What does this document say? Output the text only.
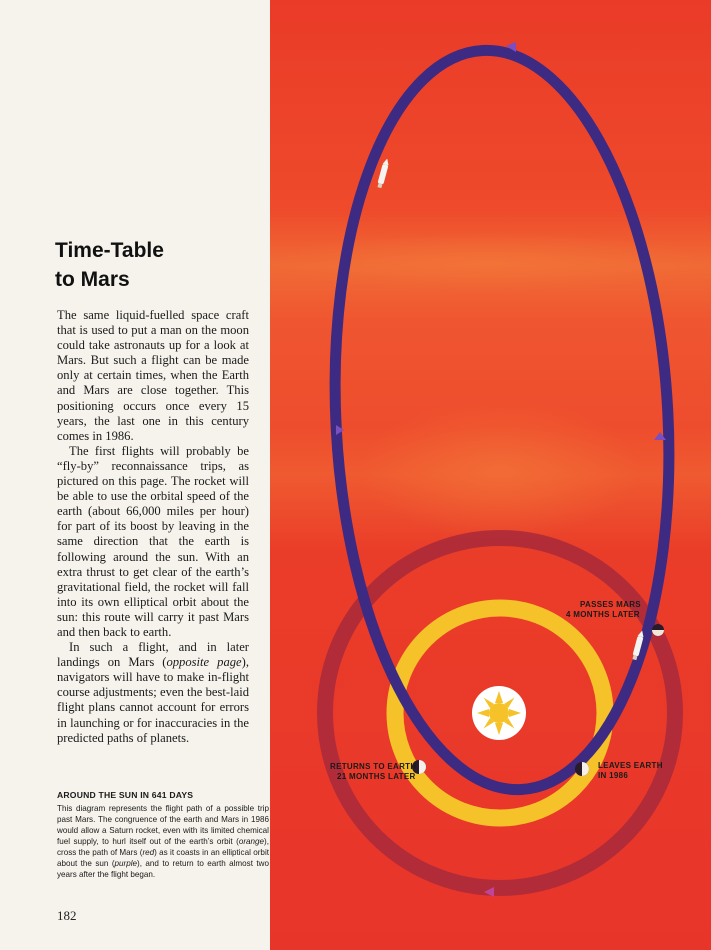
Time-Table
to Mars

The same liquid-fuelled space craft that is used to put a man on the moon could take astronauts up for a look at Mars. But such a flight can be made only at certain times, when the Earth and Mars are close together. This positioning occurs once every 15 years, the last one in this century comes in 1986.

The first flights will probably be “fly-by” reconnaissance trips, as pictured on this page. The rocket will be able to use the orbital speed of the earth (about 66,000 miles per hour) for part of its boost by leaving in the same direction that the earth is following around the sun. With an extra thrust to get clear of the earth’s gravitational field, the rocket will fall into its own elliptical orbit about the sun: this route will carry it past Mars and then back to earth.

In such a flight, and in later landings on Mars (opposite page), navigators will have to make in-flight course adjustments; even the best-laid flight plans cannot account for errors in launching or for inaccuracies in the predicted paths of planets.

AROUND THE SUN IN 641 DAYS

This diagram represents the flight path of a possible trip past Mars. The congruence of the earth and Mars in 1986 would allow a Saturn rocket, even with its limited chemical fuel supply, to hurl itself out of the earth’s orbit (orange), cross the path of Mars (red) as it coasts in an elliptical orbit about the sun (purple), and to return to earth almost two years after the flight began.

182
PASSES MARS
4 MONTHS LATER
RETURNS TO EARTH
21 MONTHS LATER
LEAVES EARTH
IN 1986
